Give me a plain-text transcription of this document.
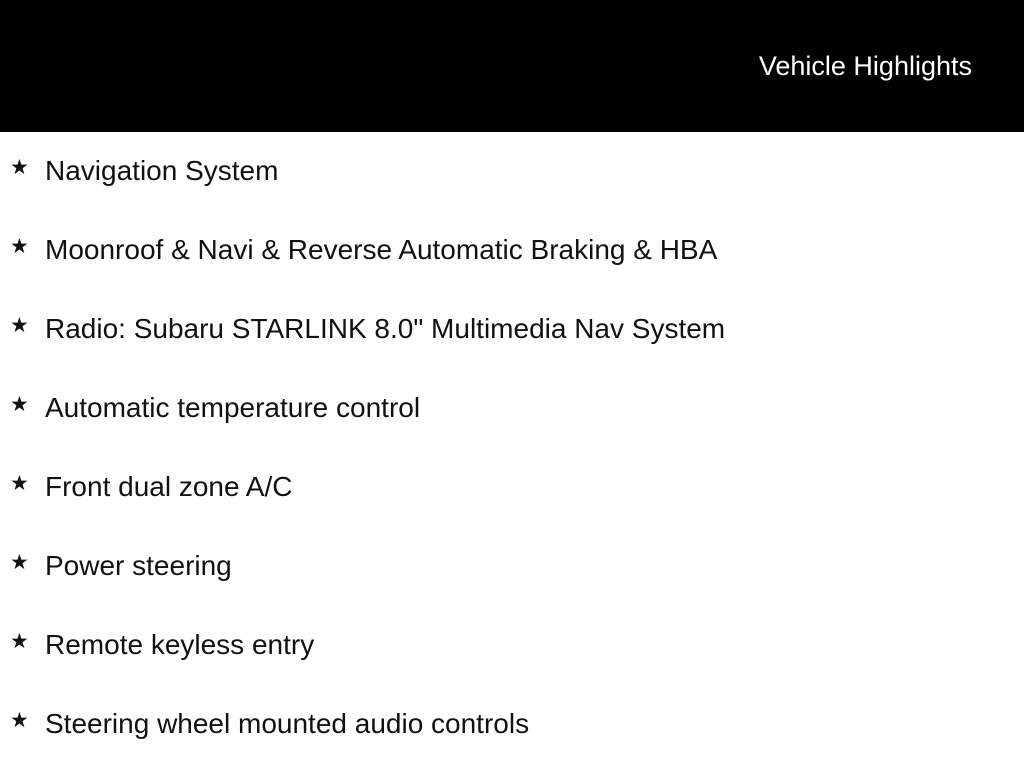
Vehicle Highlights
★ Navigation System
★ Moonroof & Navi & Reverse Automatic Braking & HBA
★ Radio: Subaru STARLINK 8.0" Multimedia Nav System
★ Automatic temperature control
★ Front dual zone A/C
★ Power steering
★ Remote keyless entry
★ Steering wheel mounted audio controls
